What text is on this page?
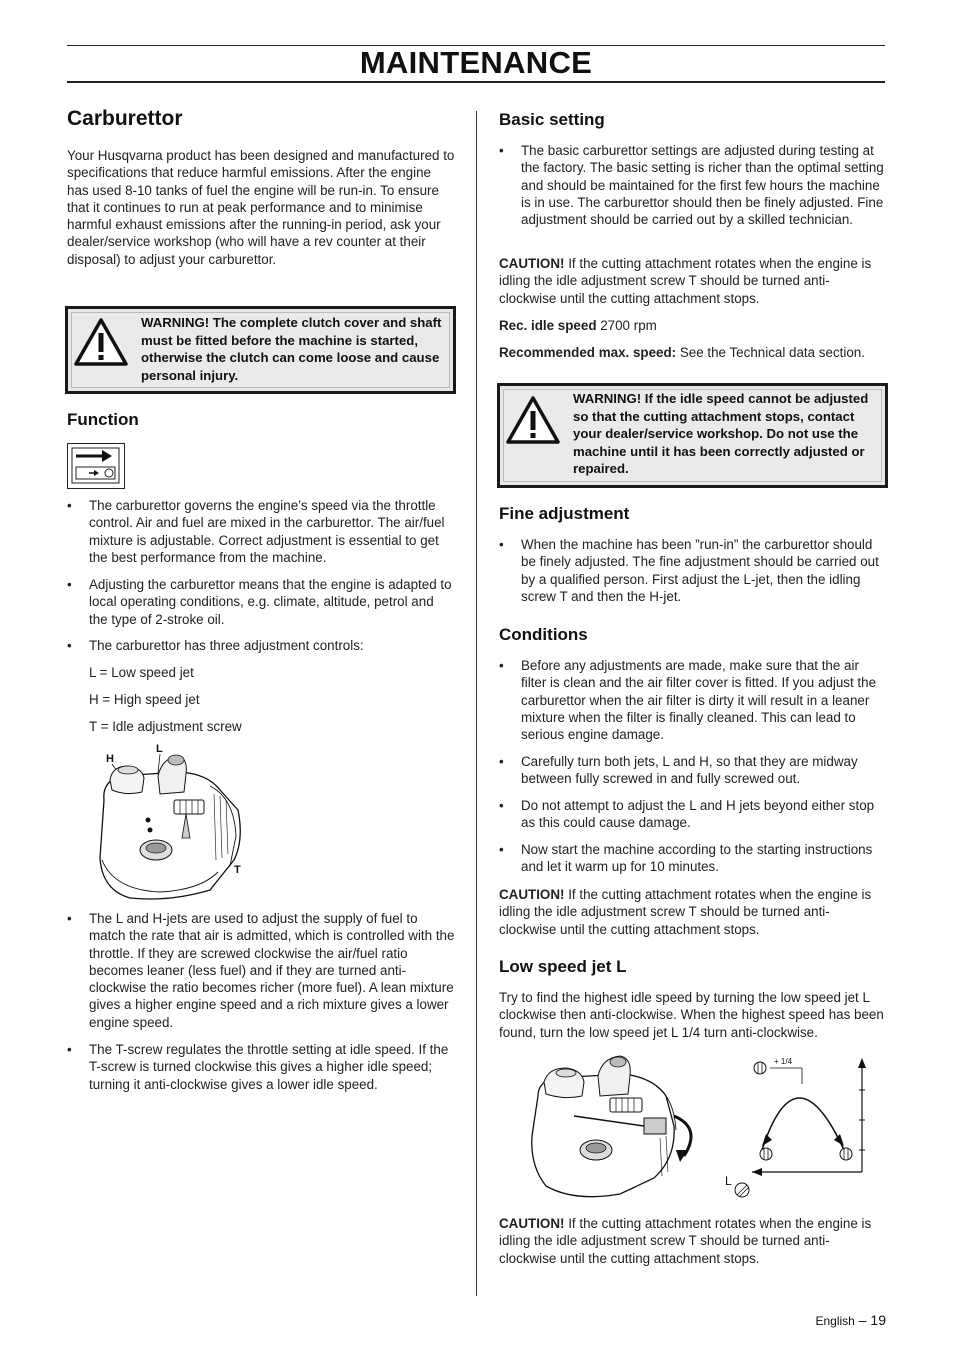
MAINTENANCE
Carburettor
Your Husqvarna product has been designed and manufactured to specifications that reduce harmful emissions. After the engine has used 8-10 tanks of fuel the engine will be run-in. To ensure that it continues to run at peak performance and to minimise harmful exhaust emissions after the running-in period, ask your dealer/service workshop (who will have a rev counter at their disposal) to adjust your carburettor.
WARNING! The complete clutch cover and shaft must be fitted before the machine is started, otherwise the clutch can come loose and cause personal injury.
Function
• The carburettor governs the engine’s speed via the throttle control. Air and fuel are mixed in the carburettor. The air/fuel mixture is adjustable. Correct adjustment is essential to get the best performance from the machine.
• Adjusting the carburettor means that the engine is adapted to local operating conditions, e.g. climate, altitude, petrol and the type of 2-stroke oil.
• The carburettor has three adjustment controls:
L = Low speed jet
H = High speed jet
T = Idle adjustment screw
H
L
T
• The L and H-jets are used to adjust the supply of fuel to match the rate that air is admitted, which is controlled with the throttle. If they are screwed clockwise the air/fuel ratio becomes leaner (less fuel) and if they are turned anti-clockwise the ratio becomes richer (more fuel). A lean mixture gives a higher engine speed and a rich mixture gives a lower engine speed.
• The T-screw regulates the throttle setting at idle speed. If the T-screw is turned clockwise this gives a higher idle speed; turning it anti-clockwise gives a lower idle speed.
Basic setting
• The basic carburettor settings are adjusted during testing at the factory. The basic setting is richer than the optimal setting and should be maintained for the first few hours the machine is in use. The carburettor should then be finely adjusted. Fine adjustment should be carried out by a skilled technician.
CAUTION! If the cutting attachment rotates when the engine is idling the idle adjustment screw T should be turned anti-clockwise until the cutting attachment stops.
Rec. idle speed 2700 rpm
Recommended max. speed: See the Technical data section.
WARNING! If the idle speed cannot be adjusted so that the cutting attachment stops, contact your dealer/service workshop. Do not use the machine until it has been correctly adjusted or repaired.
Fine adjustment
• When the machine has been ”run-in” the carburettor should be finely adjusted. The fine adjustment should be carried out by a qualified person. First adjust the L-jet, then the idling screw T and then the H-jet.
Conditions
• Before any adjustments are made, make sure that the air filter is clean and the air filter cover is fitted. If you adjust the carburettor when the air filter is dirty it will result in a leaner mixture when the filter is finally cleaned. This can lead to serious engine damage.
• Carefully turn both jets, L and H, so that they are midway between fully screwed in and fully screwed out.
• Do not attempt to adjust the L and H jets beyond either stop as this could cause damage.
• Now start the machine according to the starting instructions and let it warm up for 10 minutes.
CAUTION! If the cutting attachment rotates when the engine is idling the idle adjustment screw T should be turned anti-clockwise until the cutting attachment stops.
Low speed jet L
Try to find the highest idle speed by turning the low speed jet L clockwise then anti-clockwise. When the highest speed has been found, turn the low speed jet L 1/4 turn anti-clockwise.
+ 1/4
L
CAUTION! If the cutting attachment rotates when the engine is idling the idle adjustment screw T should be turned anti-clockwise until the cutting attachment stops.
English – 19
